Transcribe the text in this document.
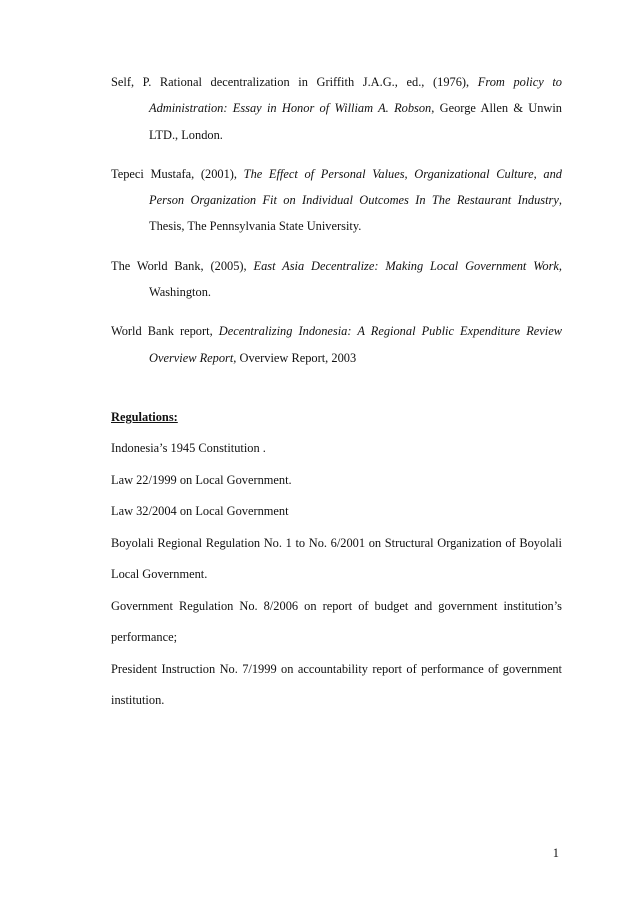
Self, P. Rational decentralization in Griffith J.A.G., ed., (1976), From policy to Administration: Essay in Honor of William A. Robson, George Allen & Unwin LTD., London.

Tepeci Mustafa, (2001), The Effect of Personal Values, Organizational Culture, and Person Organization Fit on Individual Outcomes In The Restaurant Industry, Thesis, The Pennsylvania State University.

The World Bank, (2005), East Asia Decentralize: Making Local Government Work, Washington.

World Bank report, Decentralizing Indonesia: A Regional Public Expenditure Review Overview Report, Overview Report, 2003

Regulations:

Indonesia’s 1945 Constitution .

Law 22/1999 on Local Government.

Law 32/2004 on Local Government

Boyolali Regional Regulation No. 1 to No. 6/2001 on Structural Organization of Boyolali Local Government.

Government Regulation No. 8/2006 on report of budget and government institution’s performance;

President Instruction No. 7/1999 on accountability report of performance of government institution.

1
